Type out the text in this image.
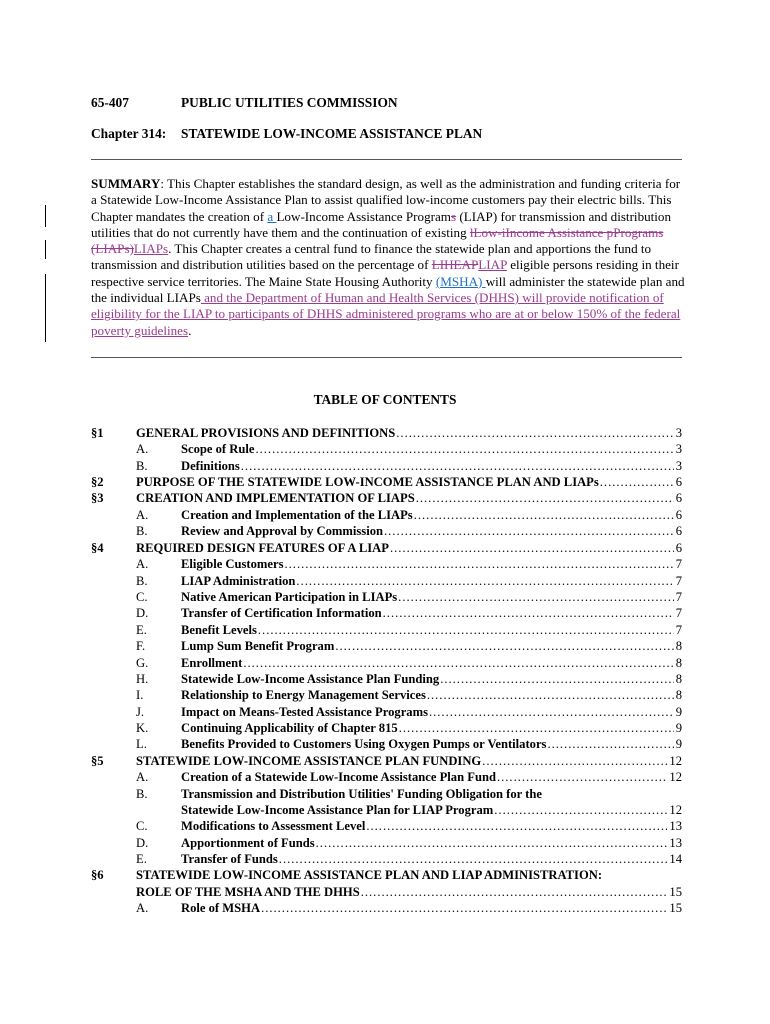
65-407	PUBLIC UTILITIES COMMISSION
Chapter 314: STATEWIDE LOW-INCOME ASSISTANCE PLAN
SUMMARY: This Chapter establishes the standard design, as well as the administration and funding criteria for a Statewide Low-Income Assistance Plan to assist qualified low-income customers pay their electric bills. This Chapter mandates the creation of a Low-Income Assistance Programs (LIAP) for transmission and distribution utilities that do not currently have them and the continuation of existing lLow-iIncome Assistance pPrograms (LIAPs)LIAPs. This Chapter creates a central fund to finance the statewide plan and apportions the fund to transmission and distribution utilities based on the percentage of LIHEAPLIAP eligible persons residing in their respective service territories. The Maine State Housing Authority (MSHA) will administer the statewide plan and the individual LIAPs and the Department of Human and Health Services (DHHS) will provide notification of eligibility for the LIAP to participants of DHHS administered programs who are at or below 150% of the federal poverty guidelines.
TABLE OF CONTENTS
§1	GENERAL PROVISIONS AND DEFINITIONS .....	3
A.	Scope of Rule .....	3
B.	Definitions .....	3
§2	PURPOSE OF THE STATEWIDE LOW-INCOME ASSISTANCE PLAN AND LIAPs .....	6
§3	CREATION AND IMPLEMENTATION OF LIAPS .....	6
A.	Creation and Implementation of the LIAPs .....	6
B.	Review and Approval by Commission .....	6
§4	REQUIRED DESIGN FEATURES OF A LIAP .....	6
A.	Eligible Customers .....	7
B.	LIAP Administration .....	7
C.	Native American Participation in LIAPs .....	7
D.	Transfer of Certification Information .....	7
E.	Benefit Levels .....	7
F.	Lump Sum Benefit Program .....	8
G.	Enrollment .....	8
H.	Statewide Low-Income Assistance Plan Funding .....	8
I.	Relationship to Energy Management Services .....	8
J.	Impact on Means-Tested Assistance Programs .....	9
K.	Continuing Applicability of Chapter 815 .....	9
L.	Benefits Provided to Customers Using Oxygen Pumps or Ventilators .....	9
§5	STATEWIDE LOW-INCOME ASSISTANCE PLAN FUNDING .....	12
A.	Creation of a Statewide Low-Income Assistance Plan Fund .....	12
B.	Transmission and Distribution Utilities' Funding Obligation for the
Statewide Low-Income Assistance Plan for LIAP Program .....	12
C.	Modifications to Assessment Level .....	13
D.	Apportionment of Funds .....	13
E.	Transfer of Funds .....	14
§6	STATEWIDE LOW-INCOME ASSISTANCE PLAN AND LIAP ADMINISTRATION:
ROLE OF THE MSHA AND THE DHHS .....	15
A.	Role of MSHA .....	15
